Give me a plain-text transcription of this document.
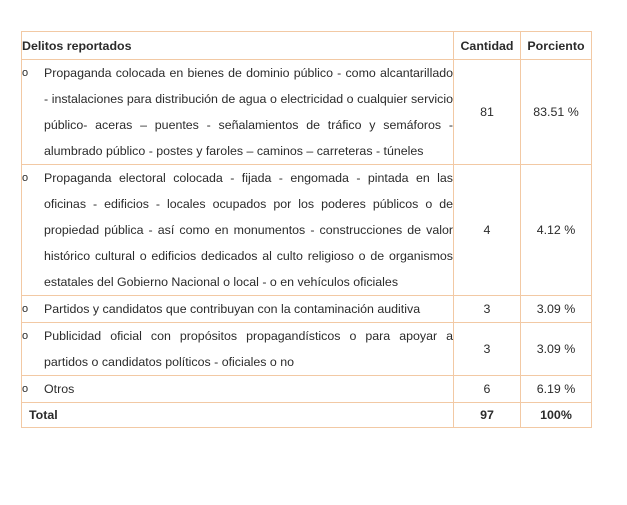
Delitos reportados	Cantidad	Porciento

o Propaganda colocada en bienes de dominio público - como alcantarillado - instalaciones para distribución de agua o electricidad o cualquier servicio público- aceras – puentes - señalamientos de tráfico y semáforos - alumbrado público - postes y faroles – caminos – carreteras - túneles	81	83.51 %

o Propaganda electoral colocada - fijada - engomada - pintada en las oficinas - edificios - locales ocupados por los poderes públicos o de propiedad pública - así como en monumentos - construcciones de valor histórico cultural o edificios dedicados al culto religioso o de organismos estatales del Gobierno Nacional o local - o en vehículos oficiales	4	4.12 %

o Partidos y candidatos que contribuyan con la contaminación auditiva	3	3.09 %

o Publicidad oficial con propósitos propagandísticos o para apoyar a partidos o candidatos políticos - oficiales o no	3	3.09 %

o Otros	6	6.19 %
Total	97	100%
